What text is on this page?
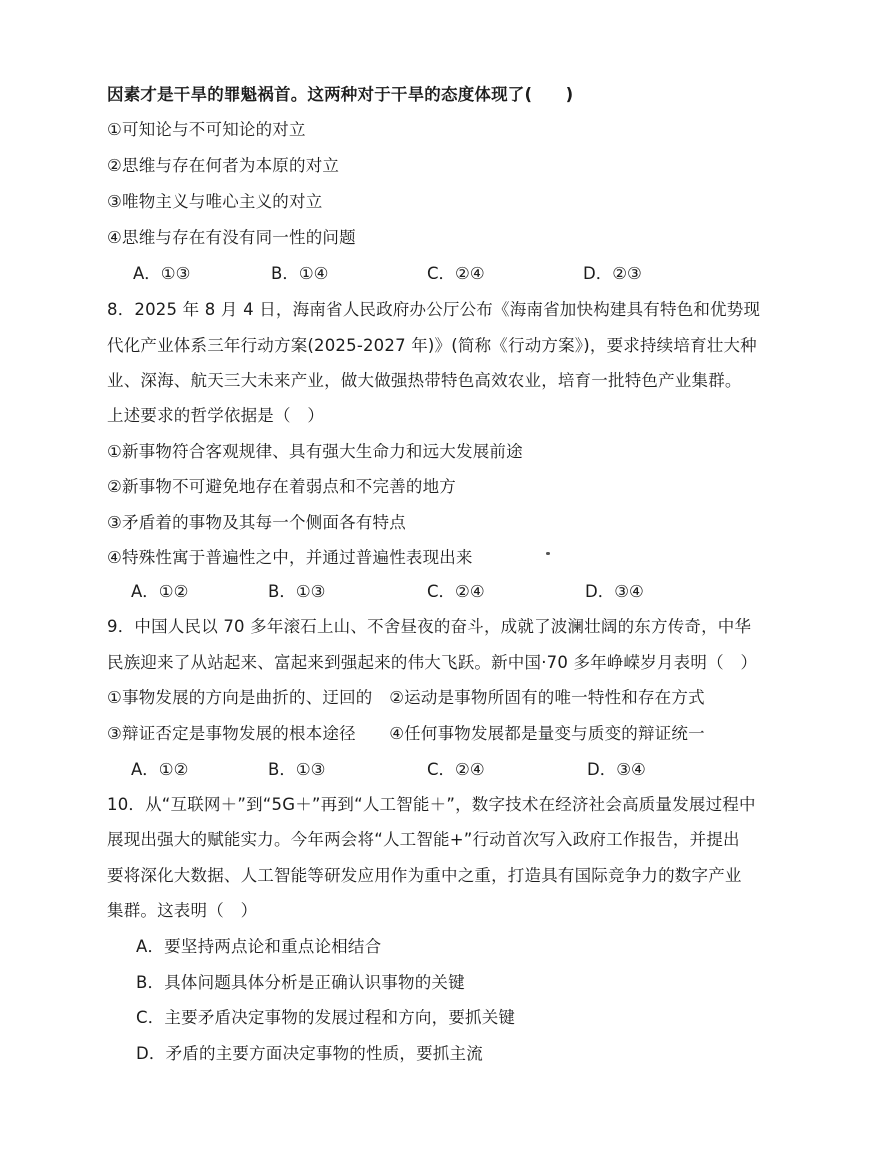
因素才是干旱的罪魁祸首。这两种对于干旱的态度体现了(　　)
①可知论与不可知论的对立
②思维与存在何者为本原的对立
③唯物主义与唯心主义的对立
④思维与存在有没有同一性的问题
A．①③	B．①④	C．②④	D．②③
8．2025 年 8 月 4 日，海南省人民政府办公厅公布《海南省加快构建具有特色和优势现
代化产业体系三年行动方案(2025-2027 年)》(简称《行动方案》)，要求持续培育壮大种
业、深海、航天三大未来产业，做大做强热带特色高效农业，培育一批特色产业集群。
上述要求的哲学依据是（　）
①新事物符合客观规律、具有强大生命力和远大发展前途
②新事物不可避免地存在着弱点和不完善的地方
③矛盾着的事物及其每一个侧面各有特点
④特殊性寓于普遍性之中，并通过普遍性表现出来
A．①②	B．①③	C．②④	D．③④
9．中国人民以 70 多年滚石上山、不舍昼夜的奋斗，成就了波澜壮阔的东方传奇，中华
民族迎来了从站起来、富起来到强起来的伟大飞跃。新中国·70 多年峥嵘岁月表明（　）
①事物发展的方向是曲折的、迂回的　②运动是事物所固有的唯一特性和存在方式
③辩证否定是事物发展的根本途径　　④任何事物发展都是量变与质变的辩证统一
A．①②	B．①③	C．②④	D．③④
10．从“互联网＋”到“5G＋”再到“人工智能＋”，数字技术在经济社会高质量发展过程中
展现出强大的赋能实力。今年两会将“人工智能+”行动首次写入政府工作报告，并提出
要将深化大数据、人工智能等研发应用作为重中之重，打造具有国际竞争力的数字产业
集群。这表明（　）
A．要坚持两点论和重点论相结合
B．具体问题具体分析是正确认识事物的关键
C．主要矛盾决定事物的发展过程和方向，要抓关键
D．矛盾的主要方面决定事物的性质，要抓主流
